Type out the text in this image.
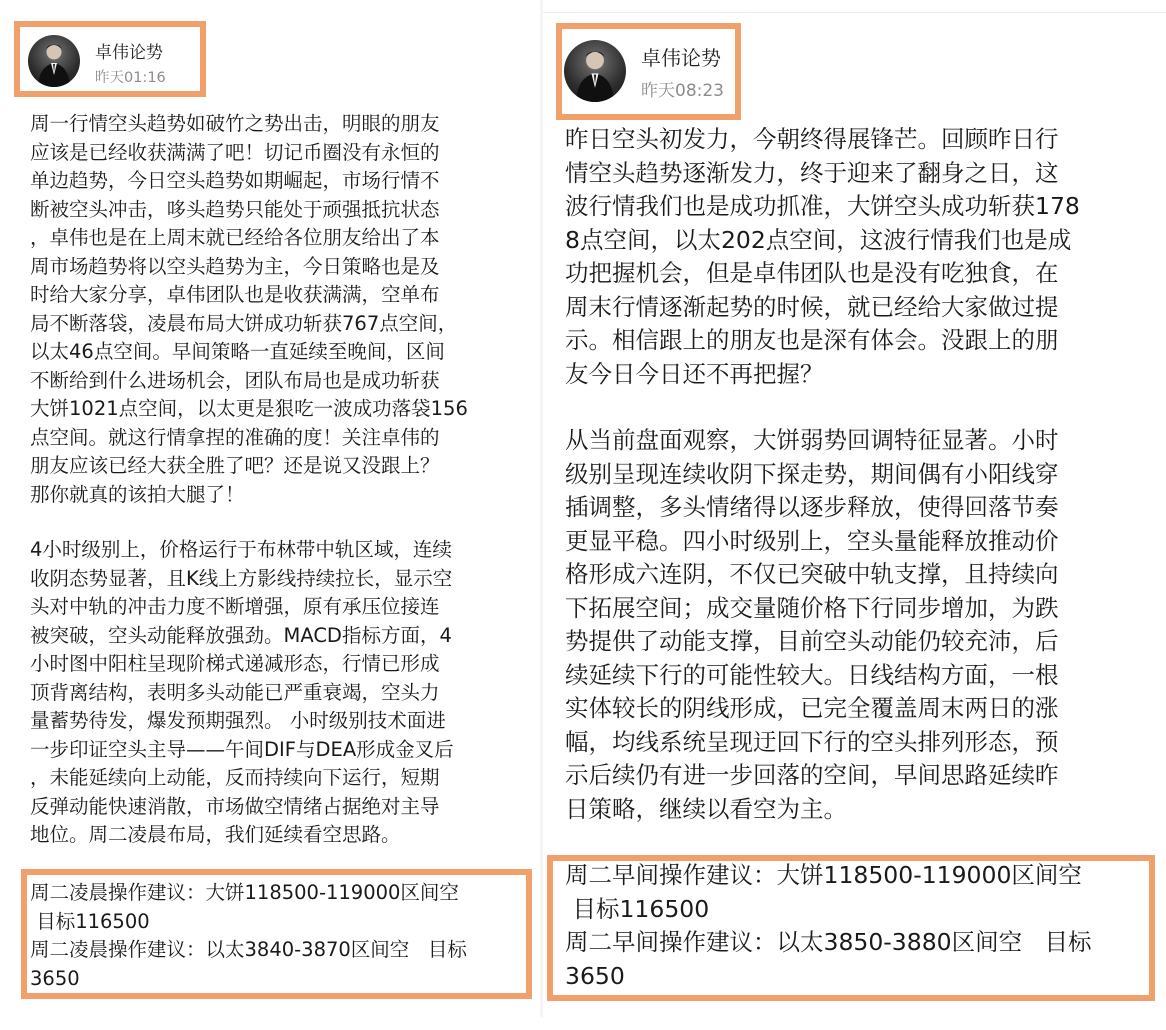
卓伟论势
昨天01:16
周一行情空头趋势如破竹之势出击，明眼的朋友
应该是已经收获满满了吧！切记币圈没有永恒的
单边趋势，今日空头趋势如期崛起，市场行情不
断被空头冲击，哆头趋势只能处于顽强抵抗状态
，卓伟也是在上周末就已经给各位朋友给出了本
周市场趋势将以空头趋势为主，今日策略也是及
时给大家分享，卓伟团队也是收获满满，空单布
局不断落袋，凌晨布局大饼成功斩获767点空间，
以太46点空间。早间策略一直延续至晚间，区间
不断给到什么进场机会，团队布局也是成功斩获
大饼1021点空间，以太更是狠吃一波成功落袋156
点空间。就这行情拿捏的准确的度！关注卓伟的
朋友应该已经大获全胜了吧？还是说又没跟上？
那你就真的该拍大腿了！
4小时级别上，价格运行于布林带中轨区域，连续
收阴态势显著，且K线上方影线持续拉长，显示空
头对中轨的冲击力度不断增强，原有承压位接连
被突破，空头动能释放强劲。MACD指标方面，4
小时图中阳柱呈现阶梯式递减形态，行情已形成
顶背离结构，表明多头动能已严重衰竭，空头力
量蓄势待发，爆发预期强烈。 小时级别技术面进
一步印证空头主导——午间DIF与DEA形成金叉后
，未能延续向上动能，反而持续向下运行，短期
反弹动能快速消散，市场做空情绪占据绝对主导
地位。周二凌晨布局，我们延续看空思路。
周二凌晨操作建议：大饼118500-119000区间空
目标116500
周二凌晨操作建议：以太3840-3870区间空   目标
3650
卓伟论势
昨天08:23
昨日空头初发力，今朝终得展锋芒。回顾昨日行
情空头趋势逐渐发力，终于迎来了翻身之日，这
波行情我们也是成功抓准，大饼空头成功斩获178
8点空间，以太202点空间，这波行情我们也是成
功把握机会，但是卓伟团队也是没有吃独食，在
周末行情逐渐起势的时候，就已经给大家做过提
示。相信跟上的朋友也是深有体会。没跟上的朋
友今日今日还不再把握？
从当前盘面观察，大饼弱势回调特征显著。小时
级别呈现连续收阴下探走势，期间偶有小阳线穿
插调整，多头情绪得以逐步释放，使得回落节奏
更显平稳。四小时级别上，空头量能释放推动价
格形成六连阴，不仅已突破中轨支撑，且持续向
下拓展空间；成交量随价格下行同步增加，为跌
势提供了动能支撑，目前空头动能仍较充沛，后
续延续下行的可能性较大。日线结构方面，一根
实体较长的阴线形成，已完全覆盖周末两日的涨
幅，均线系统呈现迂回下行的空头排列形态，预
示后续仍有进一步回落的空间，早间思路延续昨
日策略，继续以看空为主。
周二早间操作建议：大饼118500-119000区间空
目标116500
周二早间操作建议：以太3850-3880区间空   目标
3650
